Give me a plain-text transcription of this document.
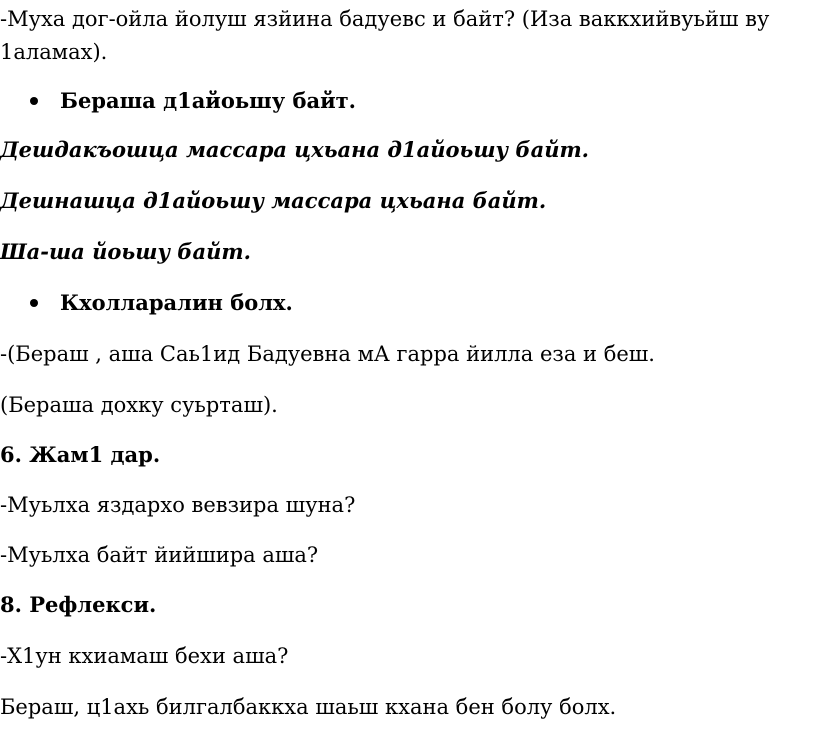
-Муха дог-ойла йолуш язйина бадуевс и байт? (Иза ваккхийвуьйш ву
1аламах).
Бераша д1айоьшу байт.
Дешдакъошца массара цхьана д1айоьшу байт.
Дешнашца д1айоьшу массара цхьана байт.
Ша-ша йоьшу байт.
Кхолларалин болх.
-(Бераш , аша Саь1ид Бадуевна мА гарра йилла еза и беш.
(Бераша дохку суьрташ).
6. Жам1 дар.
-Муьлха яздархо вевзира шуна?
-Муьлха байт йийшира аша?
8. Рефлекси.
-Х1ун кхиамаш бехи аша?
Бераш, ц1ахь билгалбаккха шаьш кхана бен болу болх.
